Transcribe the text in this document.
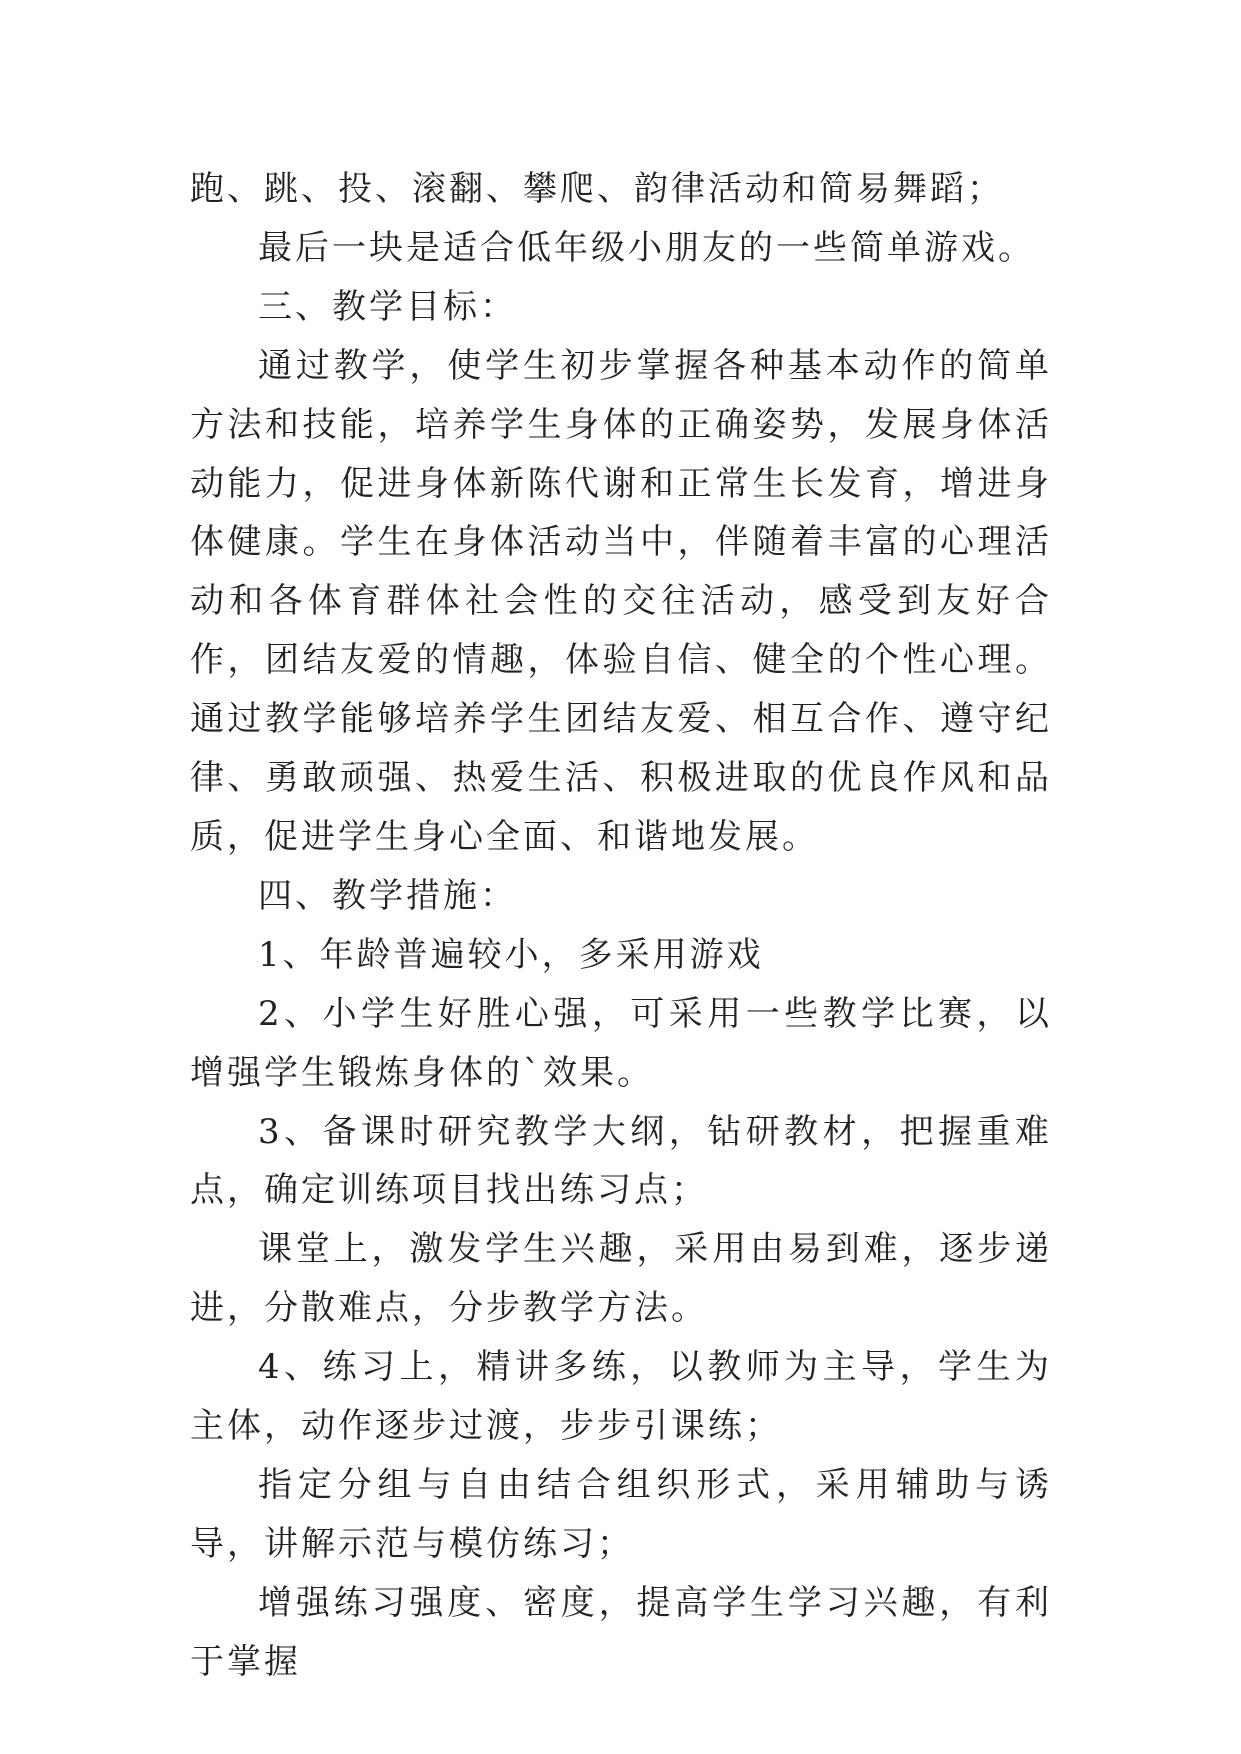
跑、跳、投、滚翻、攀爬、韵律活动和简易舞蹈；

最后一块是适合低年级小朋友的一些简单游戏。

三、教学目标：

通过教学，使学生初步掌握各种基本动作的简单方法和技能，培养学生身体的正确姿势，发展身体活动能力，促进身体新陈代谢和正常生长发育，增进身体健康。学生在身体活动当中，伴随着丰富的心理活动和各体育群体社会性的交往活动，感受到友好合作，团结友爱的情趣，体验自信、健全的个性心理。通过教学能够培养学生团结友爱、相互合作、遵守纪律、勇敢顽强、热爱生活、积极进取的优良作风和品质，促进学生身心全面、和谐地发展。

四、教学措施：

1、年龄普遍较小，多采用游戏

2、小学生好胜心强，可采用一些教学比赛，以增强学生锻炼身体的`效果。

3、备课时研究教学大纲，钻研教材，把握重难点，确定训练项目找出练习点；

课堂上，激发学生兴趣，采用由易到难，逐步递进，分散难点，分步教学方法。

4、练习上，精讲多练，以教师为主导，学生为主体，动作逐步过渡，步步引课练；

指定分组与自由结合组织形式，采用辅助与诱导，讲解示范与模仿练习；

增强练习强度、密度，提高学生学习兴趣，有利于掌握
